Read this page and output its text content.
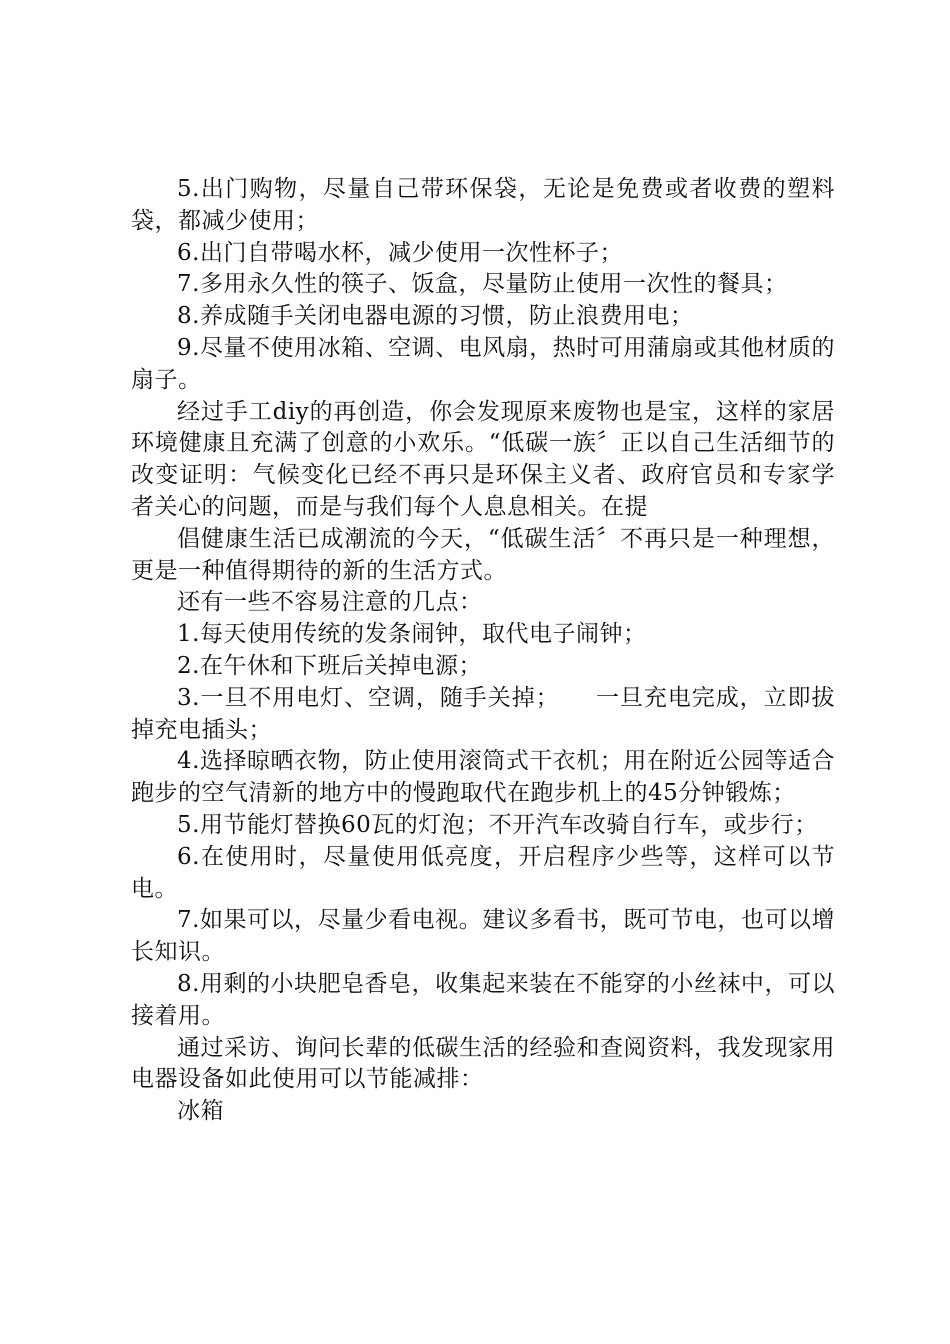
5.出门购物，尽量自己带环保袋，无论是免费或者收费的塑料袋，都减少使用；

6.出门自带喝水杯，减少使用一次性杯子；

7.多用永久性的筷子、饭盒，尽量防止使用一次性的餐具；

8.养成随手关闭电器电源的习惯，防止浪费用电；

9.尽量不使用冰箱、空调、电风扇，热时可用蒲扇或其他材质的扇子。

经过手工diy的再创造，你会发现原来废物也是宝，这样的家居环境健康且充满了创意的小欢乐。“低碳一族〞正以自己生活细节的改变证明：气候变化已经不再只是环保主义者、政府官员和专家学者关心的问题，而是与我们每个人息息相关。在提

倡健康生活已成潮流的今天，“低碳生活〞不再只是一种理想，更是一种值得期待的新的生活方式。

还有一些不容易注意的几点：

1.每天使用传统的发条闹钟，取代电子闹钟；

2.在午休和下班后关掉电源；

3.一旦不用电灯、空调，随手关掉；　　一旦充电完成，立即拔掉充电插头；

4.选择晾晒衣物，防止使用滚筒式干衣机；用在附近公园等适合跑步的空气清新的地方中的慢跑取代在跑步机上的45分钟锻炼；

5.用节能灯替换60瓦的灯泡；不开汽车改骑自行车，或步行；

6.在使用时，尽量使用低亮度，开启程序少些等，这样可以节电。

7.如果可以，尽量少看电视。建议多看书，既可节电，也可以增长知识。

8.用剩的小块肥皂香皂，收集起来装在不能穿的小丝袜中，可以接着用。

通过采访、询问长辈的低碳生活的经验和查阅资料，我发现家用电器设备如此使用可以节能减排：

冰箱
